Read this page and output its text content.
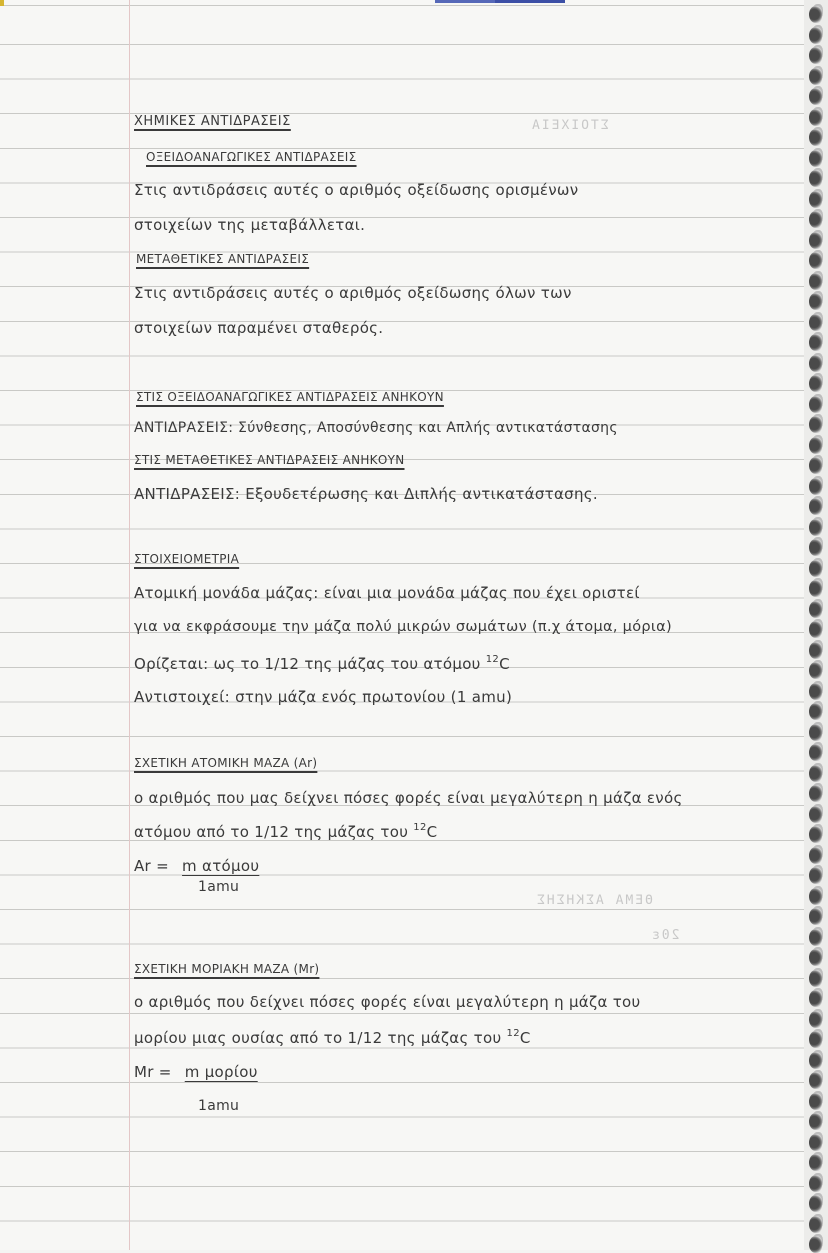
ΣΤΟΙΧΕΙΑ
ΘΕΜΑ ΑΣΚΗΣΗΣ
20ε
ΧΗΜΙΚΕΣ ΑΝΤΙΔΡΑΣΕΙΣ
ΟΞΕΙΔΟΑΝΑΓΩΓΙΚΕΣ ΑΝΤΙΔΡΑΣΕΙΣ
Στις αντιδράσεις αυτές ο αριθμός οξείδωσης ορισμένων
στοιχείων της μεταβάλλεται.
ΜΕΤΑΘΕΤΙΚΕΣ ΑΝΤΙΔΡΑΣΕΙΣ
Στις αντιδράσεις αυτές ο αριθμός οξείδωσης όλων των
στοιχείων παραμένει σταθερός.
ΣΤΙΣ ΟΞΕΙΔΟΑΝΑΓΩΓΙΚΕΣ ΑΝΤΙΔΡΑΣΕΙΣ ΑΝΗΚΟΥΝ
ΑΝΤΙΔΡΑΣΕΙΣ: Σύνθεσης, Αποσύνθεσης και Απλής αντικατάστασης
ΣΤΙΣ ΜΕΤΑΘΕΤΙΚΕΣ ΑΝΤΙΔΡΑΣΕΙΣ ΑΝΗΚΟΥΝ
ΑΝΤΙΔΡΑΣΕΙΣ: Εξουδετέρωσης και Διπλής αντικατάστασης.
ΣΤΟΙΧΕΙΟΜΕΤΡΙΑ
Ατομική μονάδα μάζας: είναι μια μονάδα μάζας που έχει οριστεί
για να εκφράσουμε την μάζα πολύ μικρών σωμάτων (π.χ άτομα, μόρια)
Ορίζεται: ως το 1/12 της μάζας του ατόμου $^{12}$C
Αντιστοιχεί: στην μάζα ενός πρωτονίου (1 amu)
ΣΧΕΤΙΚΗ ΑΤΟΜΙΚΗ ΜΑΖΑ (Ar)
ο αριθμός που μας δείχνει πόσες φορές είναι μεγαλύτερη η μάζα ενός
ατόμου από το 1/12 της μάζας του $^{12}$C
Ar = m ατόμου
1amu
ΣΧΕΤΙΚΗ ΜΟΡΙΑΚΗ ΜΑΖΑ (Mr)
ο αριθμός που δείχνει πόσες φορές είναι μεγαλύτερη η μάζα του
μορίου μιας ουσίας από το 1/12 της μάζας του $^{12}$C
Mr = m μορίου
1amu
